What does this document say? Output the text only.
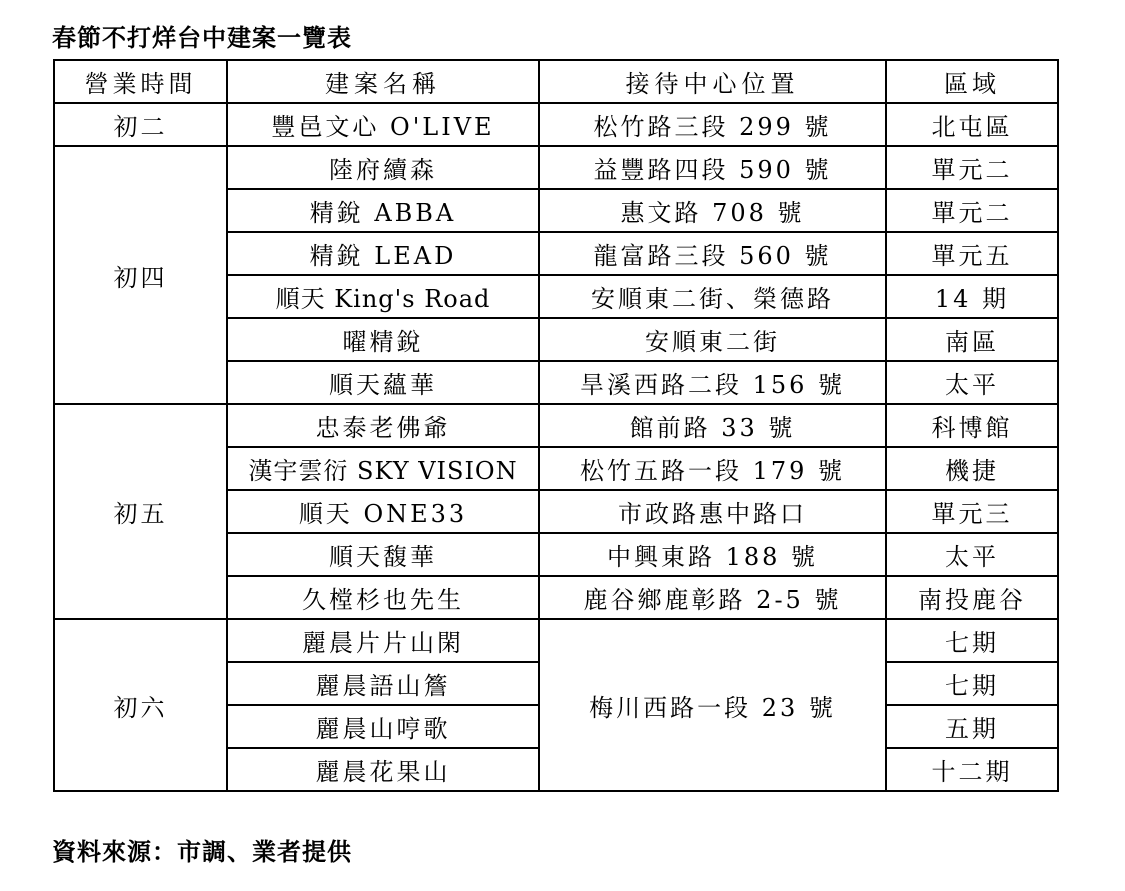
春節不打烊台中建案一覽表
營業時間	建案名稱	接待中心位置	區域
初二	豐邑文心 O'LIVE	松竹路三段 299 號	北屯區
初四	陸府續森	益豐路四段 590 號	單元二
	精銳 ABBA	惠文路 708 號	單元二
	精銳 LEAD	龍富路三段 560 號	單元五
	順天 King's Road	安順東二街、榮德路	14 期
	曜精銳	安順東二街	南區
	順天蘊華	旱溪西路二段 156 號	太平
初五	忠泰老佛爺	館前路 33 號	科博館
	漢宇雲衍 SKY VISION	松竹五路一段 179 號	機捷
	順天 ONE33	市政路惠中路口	單元三
	順天馥華	中興東路 188 號	太平
	久樘杉也先生	鹿谷鄉鹿彰路 2-5 號	南投鹿谷
初六	麗晨片片山閑	梅川西路一段 23 號	七期
	麗晨語山簷		七期
	麗晨山哼歌		五期
	麗晨花果山		十二期
資料來源：市調、業者提供
